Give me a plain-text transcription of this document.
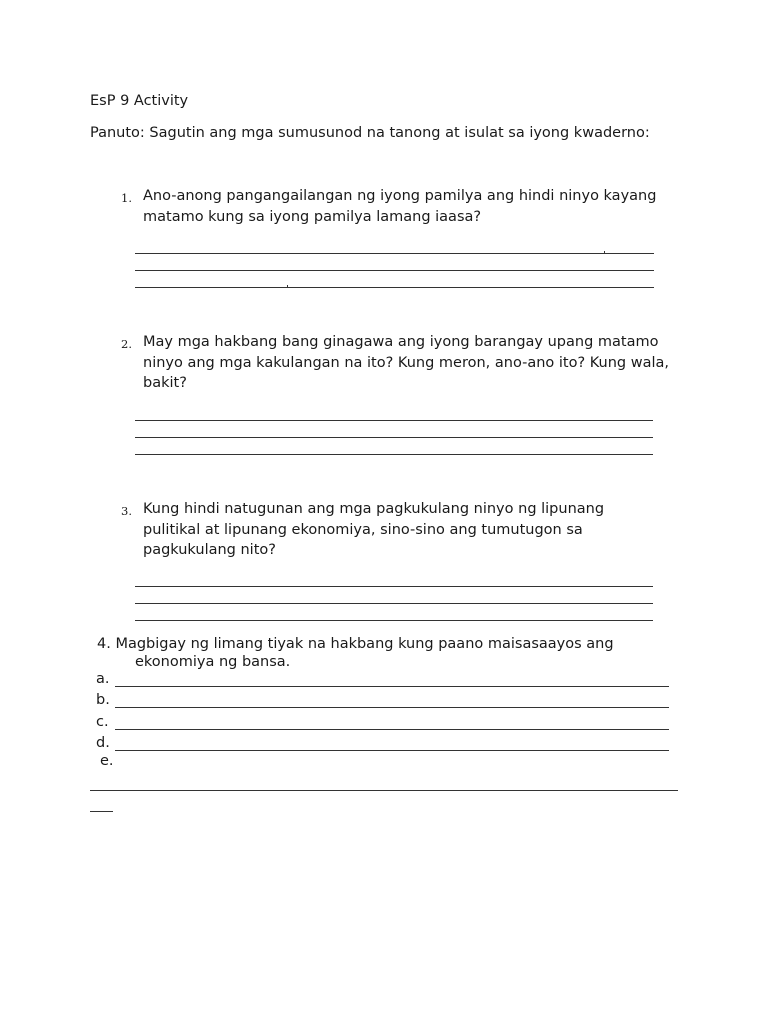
EsP 9 Activity
Panuto: Sagutin ang mga sumusunod na tanong at isulat sa iyong kwaderno:
1. Ano-anong pangangailangan ng iyong pamilya ang hindi ninyo kayang matamo kung sa iyong pamilya lamang iaasa?
2. May mga hakbang bang ginagawa ang iyong barangay upang matamo ninyo ang mga kakulangan na ito? Kung meron, ano-ano ito? Kung wala, bakit?
3. Kung hindi natugunan ang mga pagkukulang ninyo ng lipunang pulitikal at lipunang ekonomiya, sino-sino ang tumutugon sa pagkukulang nito?
4. Magbigay ng limang tiyak na hakbang kung paano maisasaayos ang
ekonomiya ng bansa.
a.
b.
c.
d.
e.
